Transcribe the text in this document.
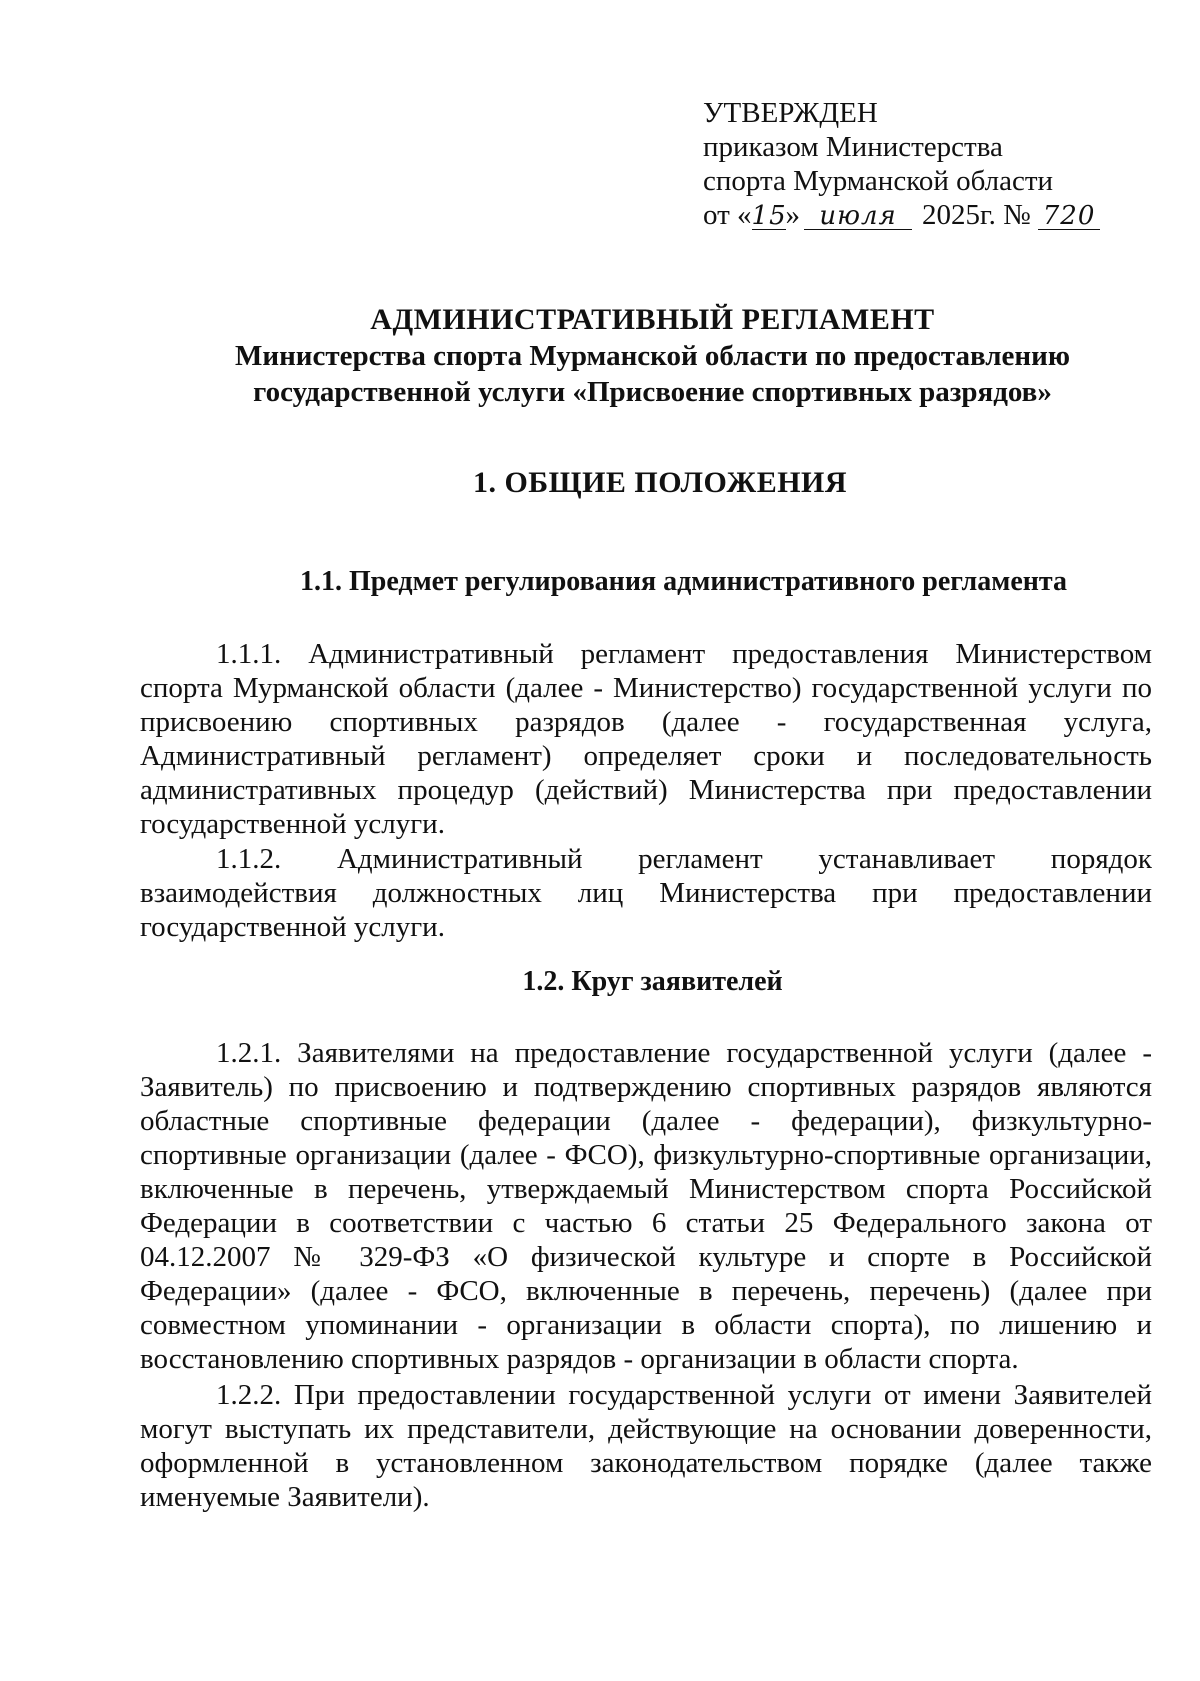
УТВЕРЖДЕН
приказом Министерства
спорта Мурманской области
от «15» июля 2025г. № 720
АДМИНИСТРАТИВНЫЙ РЕГЛАМЕНТ
Министерства спорта Мурманской области по предоставлению
государственной услуги «Присвоение спортивных разрядов»
1. ОБЩИЕ ПОЛОЖЕНИЯ
1.1. Предмет регулирования административного регламента

1.1.1. Административный регламент предоставления Министерством спорта Мурманской области (далее - Министерство) государственной услуги по присвоению спортивных разрядов (далее - государственная услуга, Административный регламент) определяет сроки и последовательность административных процедур (действий) Министерства при предоставлении государственной услуги.

1.1.2. Административный регламент устанавливает порядок взаимодействия должностных лиц Министерства при предоставлении государственной услуги.

1.2. Круг заявителей

1.2.1. Заявителями на предоставление государственной услуги (далее - Заявитель) по присвоению и подтверждению спортивных разрядов являются областные спортивные федерации (далее - федерации), физкультурно-спортивные организации (далее - ФСО), физкультурно-спортивные организации, включенные в перечень, утверждаемый Министерством спорта Российской Федерации в соответствии с частью 6 статьи 25 Федерального закона от 04.12.2007 № 329-ФЗ «О физической культуре и спорте в Российской Федерации» (далее - ФСО, включенные в перечень, перечень) (далее при совместном упоминании - организации в области спорта), по лишению и восстановлению спортивных разрядов - организации в области спорта.

1.2.2. При предоставлении государственной услуги от имени Заявителей могут выступать их представители, действующие на основании доверенности, оформленной в установленном законодательством порядке (далее также именуемые Заявители).
